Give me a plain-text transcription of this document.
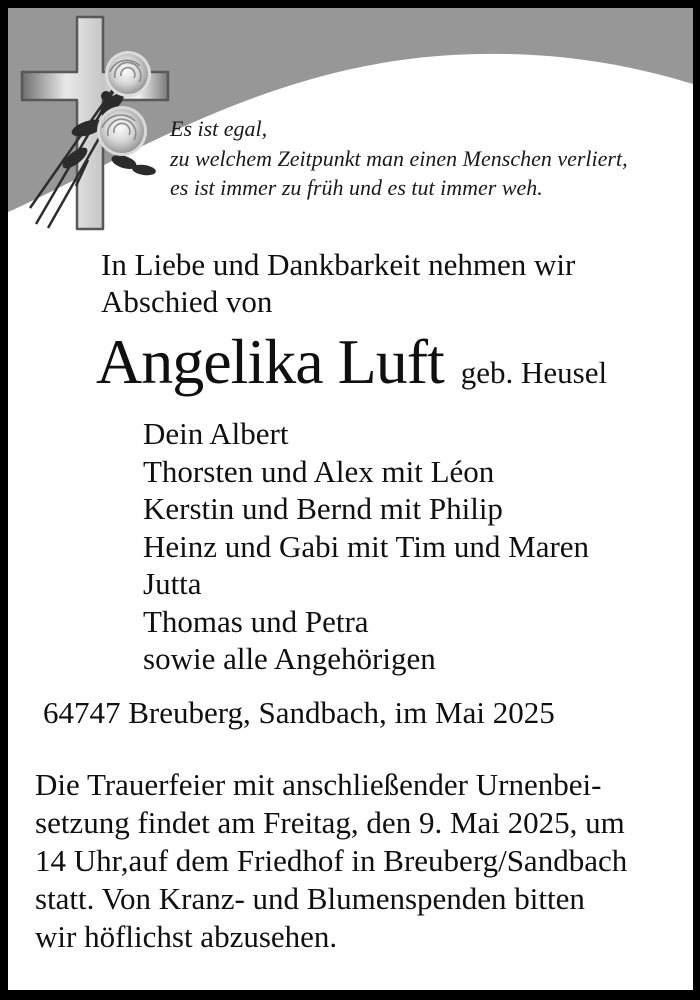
Es ist egal,
zu welchem Zeitpunkt man einen Menschen verliert,
es ist immer zu früh und es tut immer weh.
In Liebe und Dankbarkeit nehmen wir
Abschied von
Angelika Luft geb. Heusel
Dein Albert
Thorsten und Alex mit Léon
Kerstin und Bernd mit Philip
Heinz und Gabi mit Tim und Maren
Jutta
Thomas und Petra
sowie alle Angehörigen
64747 Breuberg, Sandbach, im Mai 2025
Die Trauerfeier mit anschließender Urnenbei-
setzung findet am Freitag, den 9. Mai 2025, um
14 Uhr,auf dem Friedhof in Breuberg/Sandbach
statt. Von Kranz- und Blumenspenden bitten
wir höflichst abzusehen.
